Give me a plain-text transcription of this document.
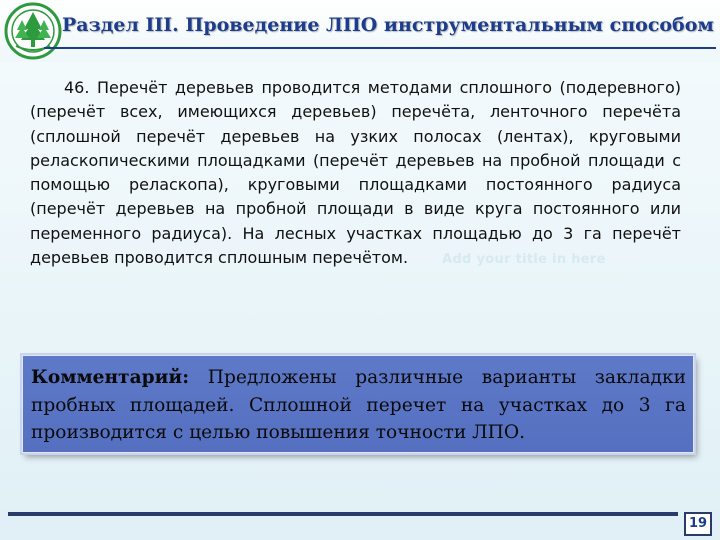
Раздел III. Проведение ЛПО инструментальным способом
46. Перечёт деревьев проводится методами сплошного (подеревного) (перечёт всех, имеющихся деревьев) перечёта, ленточного перечёта (сплошной перечёт деревьев на узких полосах (лентах), круговыми реласкопическими площадками (перечёт деревьев на пробной площади с помощью реласкопа), круговыми площадками постоянного радиуса (перечёт деревьев на пробной площади в виде круга постоянного или переменного радиуса). На лесных участках площадью до 3 га перечёт деревьев проводится сплошным перечётом.	Add your title in here
Комментарий: Предложены различные варианты закладки пробных площадей. Сплошной перечет на участках до 3 га производится с целью повышения точности ЛПО.
19
